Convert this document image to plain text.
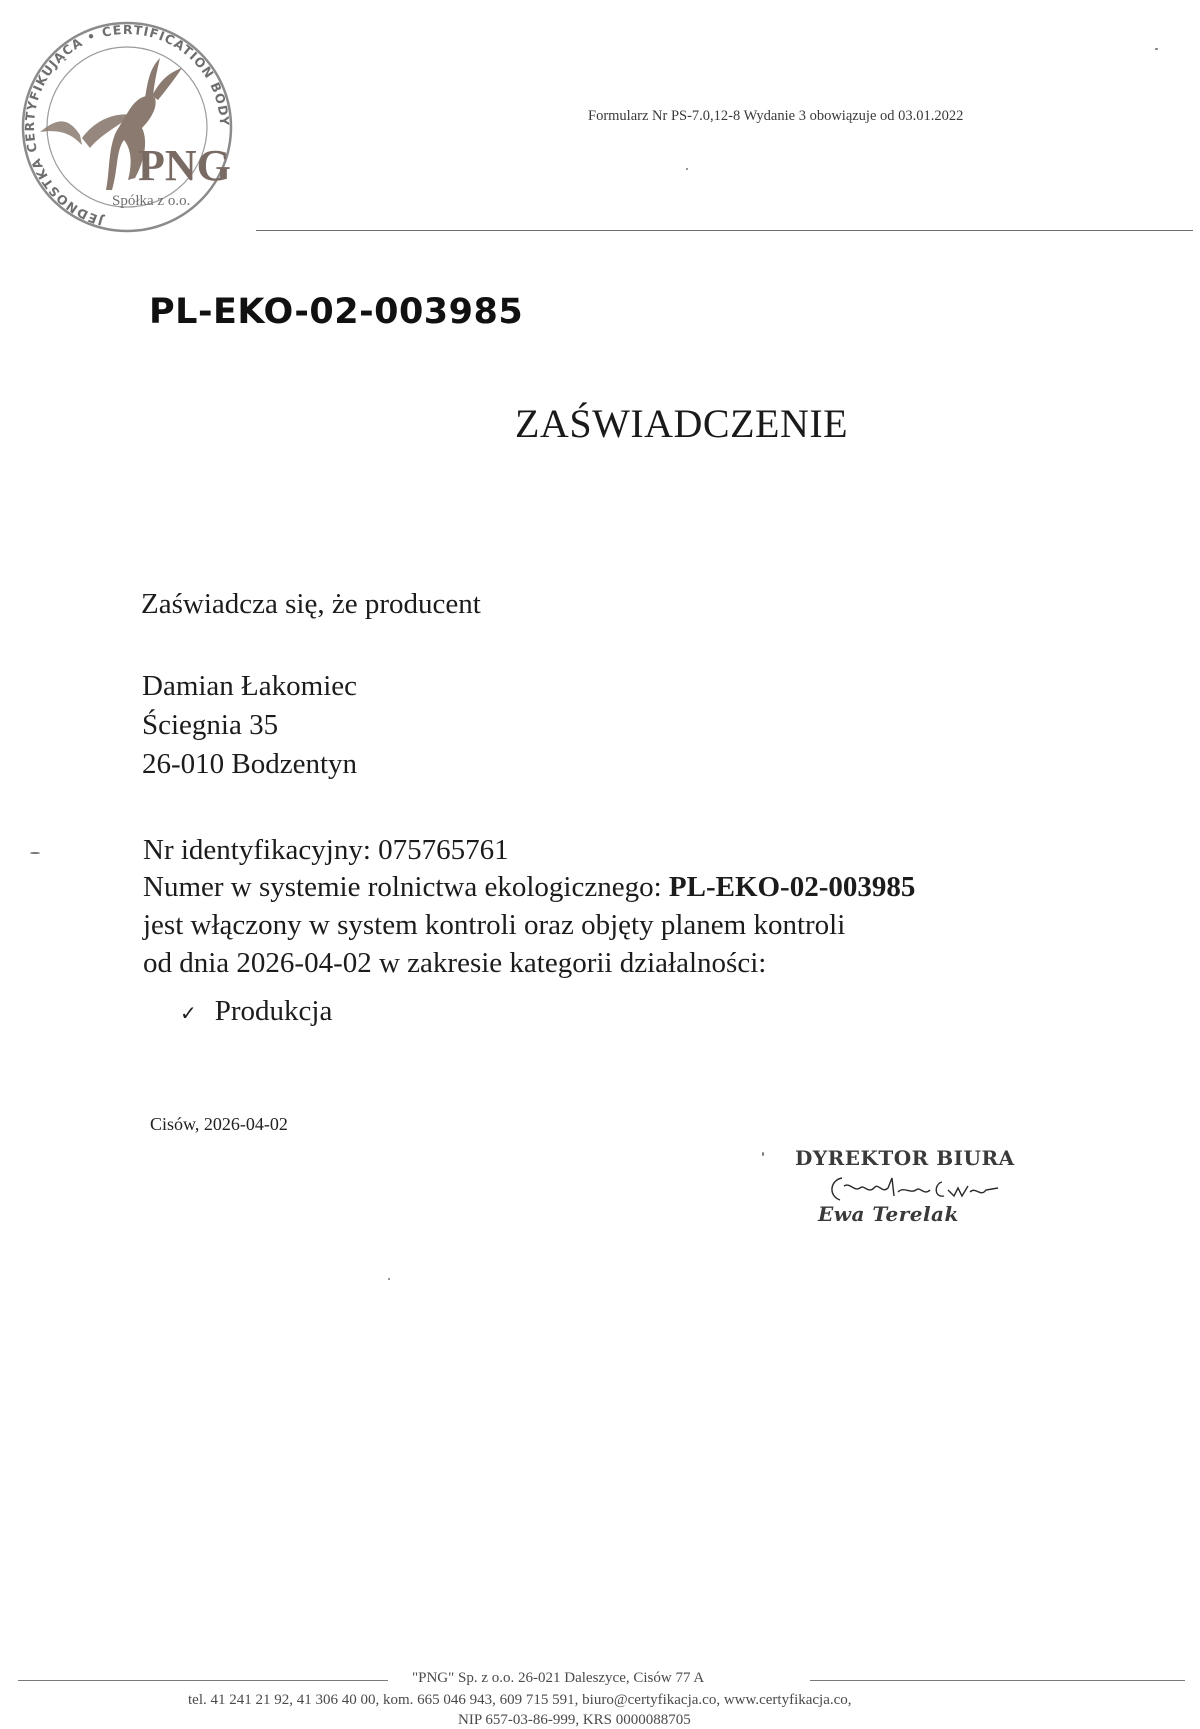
JEDNOSTKA CERTYFIKUJĄCA • CERTIFICATION BODY
PNG
Spółka z o.o.
Formularz Nr PS-7.0,12-8 Wydanie 3 obowiązuje od 03.01.2022
PL-EKO-02-003985
ZAŚWIADCZENIE
Zaświadcza się, że producent
Damian Łakomiec
Ściegnia 35
26-010 Bodzentyn
Nr identyfikacyjny: 075765761
Numer w systemie rolnictwa ekologicznego: PL-EKO-02-003985
jest włączony w system kontroli oraz objęty planem kontroli
od dnia 2026-04-02 w zakresie kategorii działalności:
✓ Produkcja
Cisów, 2026-04-02
DYREKTOR BIURA
Ewa Terelak
"PNG" Sp. z o.o. 26-021 Daleszyce, Cisów 77 A
tel. 41 241 21 92, 41 306 40 00, kom. 665 046 943, 609 715 591, biuro@certyfikacja.co, www.certyfikacja.co,
NIP 657-03-86-999, KRS 0000088705
